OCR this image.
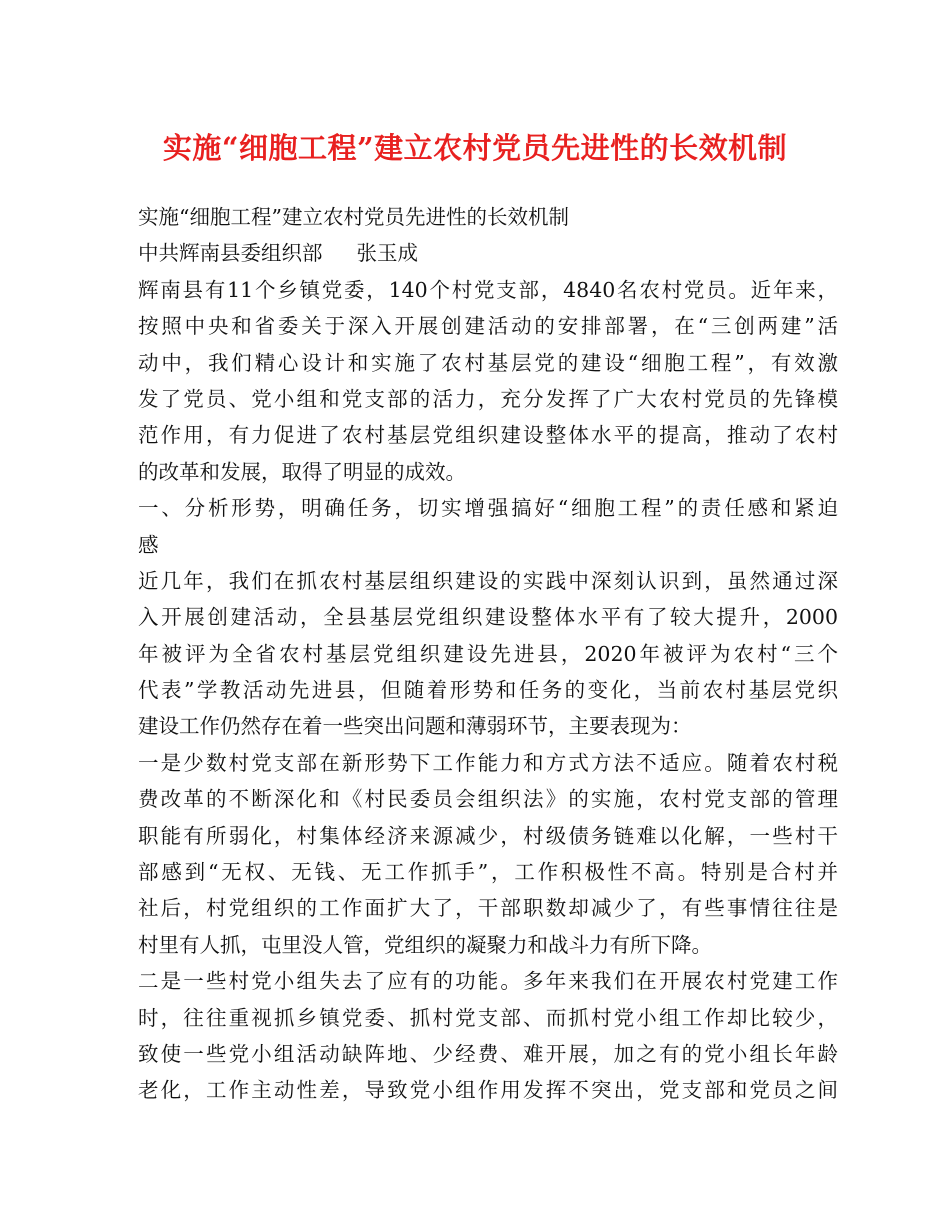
实施“细胞工程”建立农村党员先进性的长效机制
实施“细胞工程”建立农村党员先进性的长效机制
中共辉南县委组织部 张玉成
辉南县有11个乡镇党委，140个村党支部，4840名农村党员。近年来，
按照中央和省委关于深入开展创建活动的安排部署，在“三创两建”活
动中，我们精心设计和实施了农村基层党的建设“细胞工程”，有效激
发了党员、党小组和党支部的活力，充分发挥了广大农村党员的先锋模
范作用，有力促进了农村基层党组织建设整体水平的提高，推动了农村
的改革和发展，取得了明显的成效。
一、分析形势，明确任务，切实增强搞好“细胞工程”的责任感和紧迫
感
近几年，我们在抓农村基层组织建设的实践中深刻认识到，虽然通过深
入开展创建活动，全县基层党组织建设整体水平有了较大提升，2000
年被评为全省农村基层党组织建设先进县，2020年被评为农村“三个
代表”学教活动先进县，但随着形势和任务的变化，当前农村基层党织
建设工作仍然存在着一些突出问题和薄弱环节，主要表现为：
一是少数村党支部在新形势下工作能力和方式方法不适应。随着农村税
费改革的不断深化和《村民委员会组织法》的实施，农村党支部的管理
职能有所弱化，村集体经济来源减少，村级债务链难以化解，一些村干
部感到“无权、无钱、无工作抓手”，工作积极性不高。特别是合村并
社后，村党组织的工作面扩大了，干部职数却减少了，有些事情往往是
村里有人抓，屯里没人管，党组织的凝聚力和战斗力有所下降。
二是一些村党小组失去了应有的功能。多年来我们在开展农村党建工作
时，往往重视抓乡镇党委、抓村党支部、而抓村党小组工作却比较少，
致使一些党小组活动缺阵地、少经费、难开展，加之有的党小组长年龄
老化，工作主动性差，导致党小组作用发挥不突出，党支部和党员之间
